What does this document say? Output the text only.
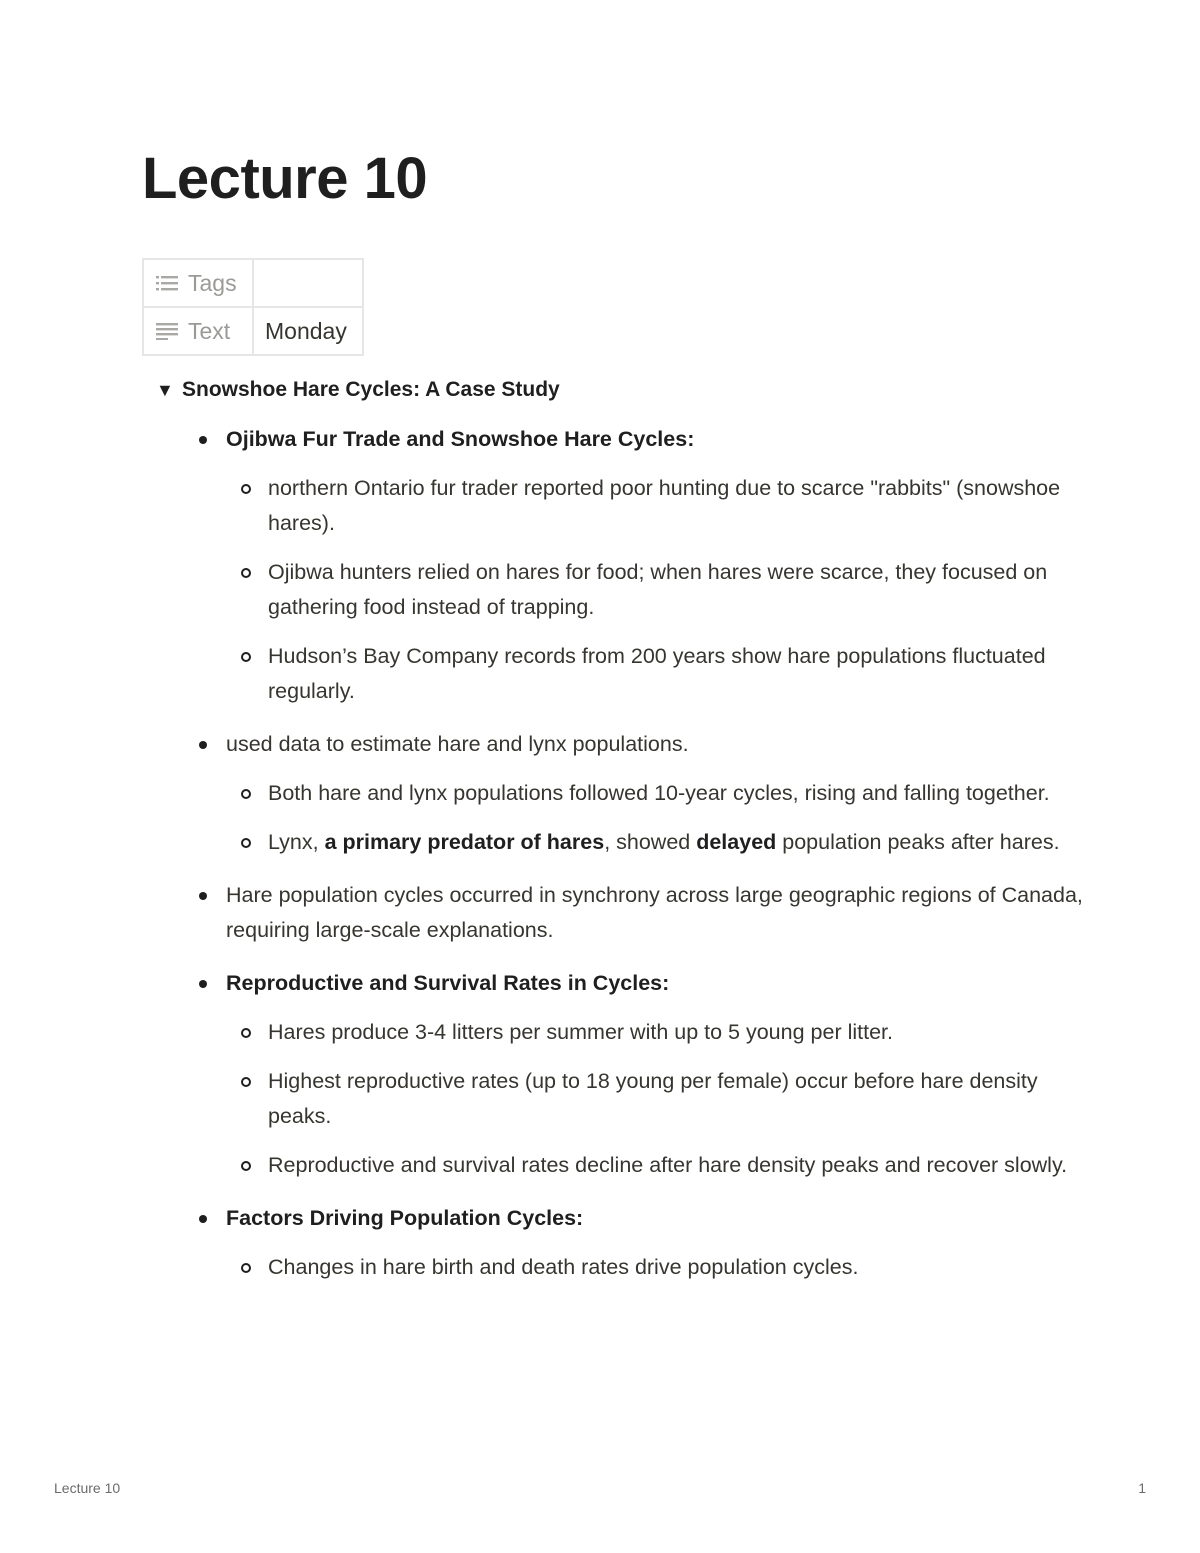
Lecture 10
Tags	

Text	Monday
▼ Snowshoe Hare Cycles: A Case Study
Ojibwa Fur Trade and Snowshoe Hare Cycles:
northern Ontario fur trader reported poor hunting due to scarce "rabbits" (snowshoe hares).
Ojibwa hunters relied on hares for food; when hares were scarce, they focused on gathering food instead of trapping.
Hudson’s Bay Company records from 200 years show hare populations fluctuated regularly.
used data to estimate hare and lynx populations.
Both hare and lynx populations followed 10-year cycles, rising and falling together.
Lynx, a primary predator of hares, showed delayed population peaks after hares.
Hare population cycles occurred in synchrony across large geographic regions of Canada, requiring large-scale explanations.
Reproductive and Survival Rates in Cycles:
Hares produce 3-4 litters per summer with up to 5 young per litter.
Highest reproductive rates (up to 18 young per female) occur before hare density peaks.
Reproductive and survival rates decline after hare density peaks and recover slowly.
Factors Driving Population Cycles:
Changes in hare birth and death rates drive population cycles.
Lecture 10	1
